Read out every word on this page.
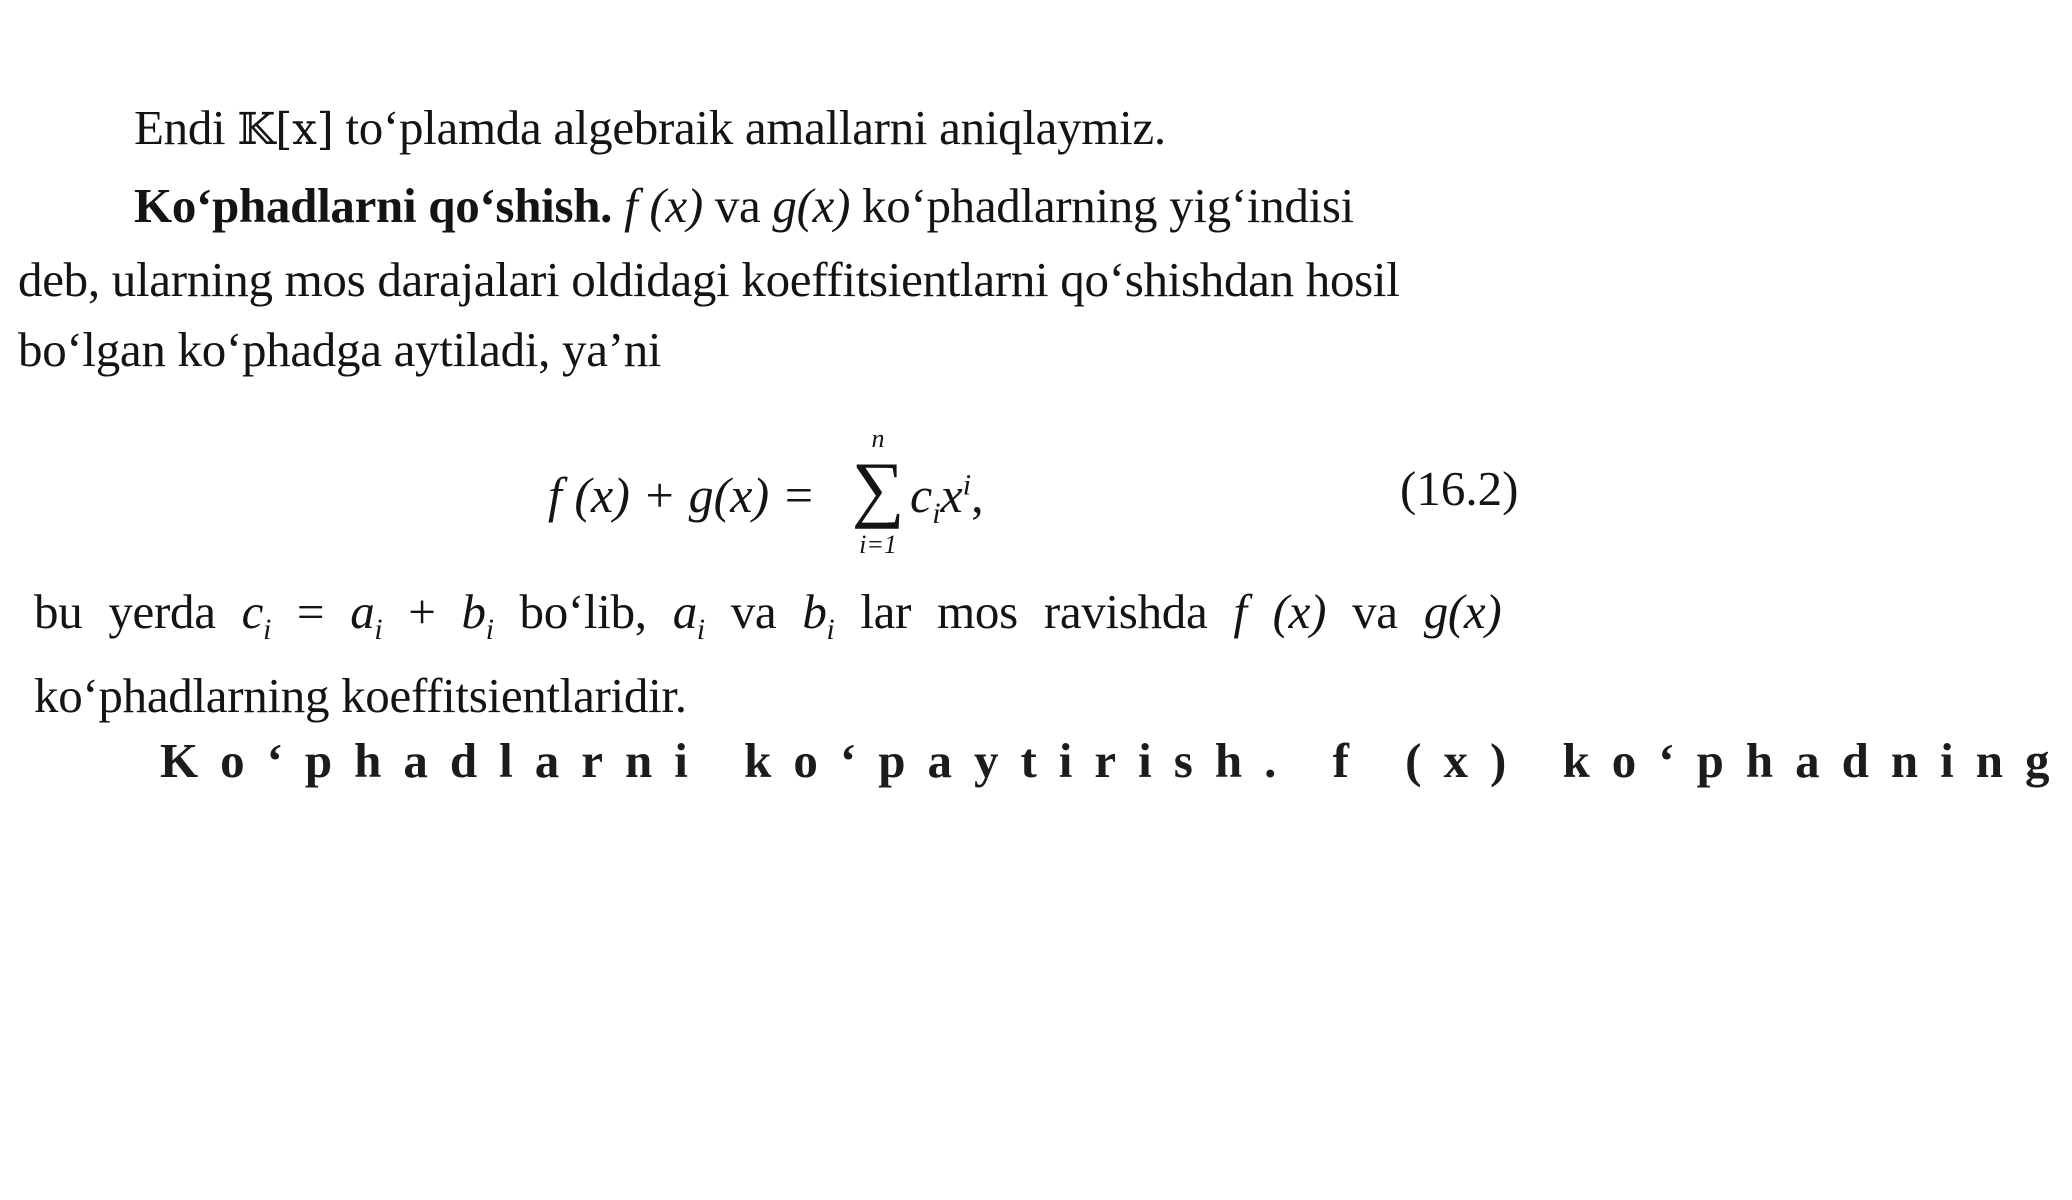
Endi 𝕂[x] to‘plamda algebraik amallarni aniqlaymiz.
Ko‘phadlarni qo‘shish. f (x) va g(x) ko‘phadlarning yig‘indisi
deb, ularning mos darajalari oldidagi koeffitsientlarni qo‘shishdan hosil
bo‘lgan ko‘phadga aytiladi, ya’ni
f (x) + g(x) =
n
∑
i=1
$c_ix^i$,	(16.2)
bu yerda $c_i = a_i + b_i$ bo‘lib, $a_i$ va $b_i$ lar mos ravishda f (x) va g(x)
ko‘phadlarning koeffitsientlaridir.
Ko‘phadlarni ko‘paytirish. f (x) ko‘phadning
